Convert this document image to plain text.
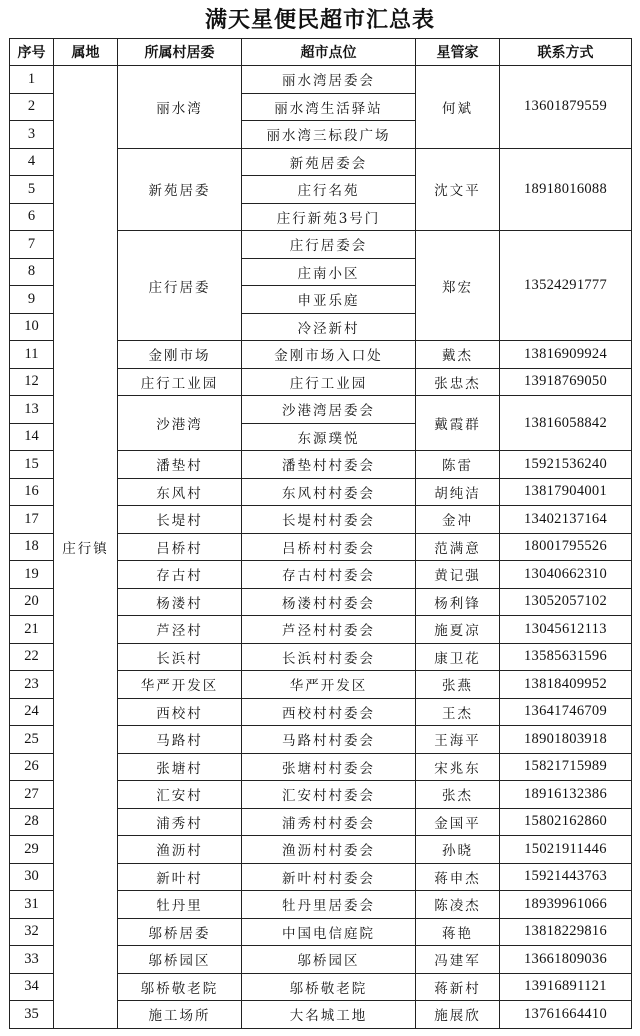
满天星便民超市汇总表
序号	属地	所属村居委	超市点位	星管家	联系方式
1	庄行镇	丽水湾	丽水湾居委会	何斌	13601879559
2			丽水湾生活驿站		
3			丽水湾三标段广场		
4		新苑居委	新苑居委会	沈文平	18918016088
5			庄行名苑		
6			庄行新苑3号门		
7		庄行居委	庄行居委会	郑宏	13524291777
8			庄南小区		
9			申亚乐庭		
10			冷泾新村		
11		金刚市场	金刚市场入口处	戴杰	13816909924
12		庄行工业园	庄行工业园	张忠杰	13918769050
13		沙港湾	沙港湾居委会	戴霞群	13816058842
14			东源璞悦		
15		潘垫村	潘垫村村委会	陈雷	15921536240
16		东风村	东风村村委会	胡纯洁	13817904001
17		长堤村	长堤村村委会	金冲	13402137164
18		吕桥村	吕桥村村委会	范满意	18001795526
19		存古村	存古村村委会	黄记强	13040662310
20		杨溇村	杨溇村村委会	杨利锋	13052057102
21		芦泾村	芦泾村村委会	施夏凉	13045612113
22		长浜村	长浜村村委会	康卫花	13585631596
23		华严开发区	华严开发区	张燕	13818409952
24		西校村	西校村村委会	王杰	13641746709
25		马路村	马路村村委会	王海平	18901803918
26		张塘村	张塘村村委会	宋兆东	15821715989
27		汇安村	汇安村村委会	张杰	18916132386
28		浦秀村	浦秀村村委会	金国平	15802162860
29		渔沥村	渔沥村村委会	孙晓	15021911446
30		新叶村	新叶村村委会	蒋申杰	15921443763
31		牡丹里	牡丹里居委会	陈凌杰	18939961066
32		邬桥居委	中国电信庭院	蒋艳	13818229816
33		邬桥园区	邬桥园区	冯建军	13661809036
34		邬桥敬老院	邬桥敬老院	蒋新村	13916891121
35		施工场所	大名城工地	施展欣	13761664410
